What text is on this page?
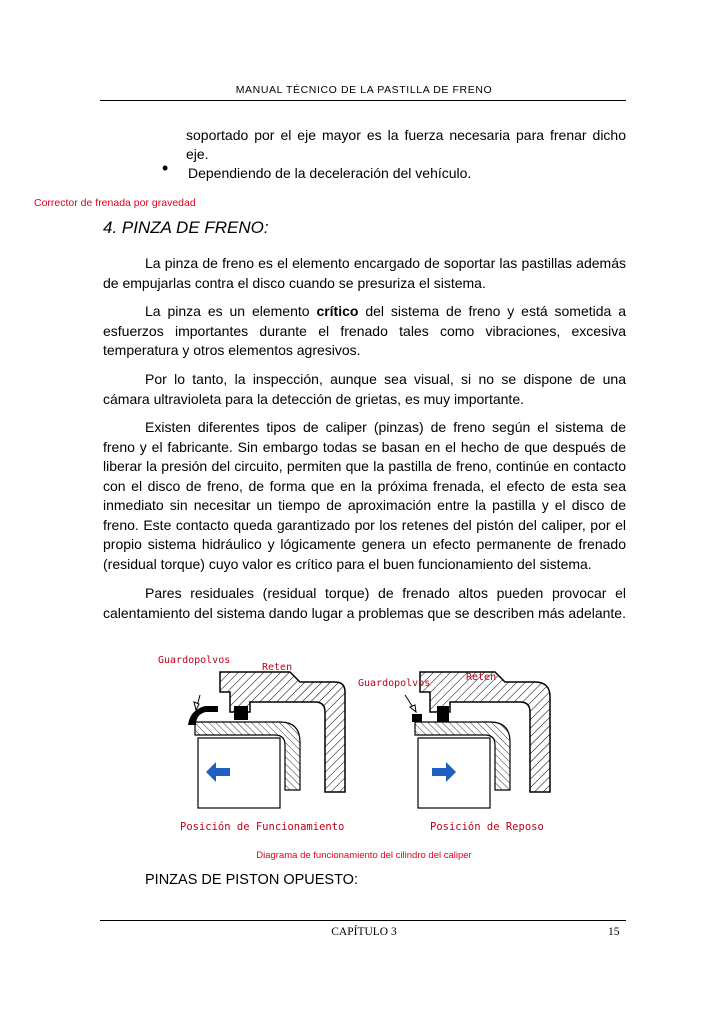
MANUAL TÉCNICO DE LA PASTILLA DE FRENO
soportado por el eje mayor es la fuerza necesaria para frenar dicho
eje.
• Dependiendo de la deceleración del vehículo.
Corrector de frenada por gravedad
4. PINZA DE FRENO:
La pinza de freno es el elemento encargado de soportar las pastillas además de empujarlas contra el disco cuando se presuriza el sistema.
La pinza es un elemento crítico del sistema de freno y está sometida a esfuerzos importantes durante el frenado tales como vibraciones, excesiva temperatura y otros elementos agresivos.
Por lo tanto, la inspección, aunque sea visual, si no se dispone de una cámara ultravioleta para la detección de grietas, es muy importante.
Existen diferentes tipos de caliper (pinzas) de freno según el sistema de freno y el fabricante. Sin embargo todas se basan en el hecho de que después de liberar la presión del circuito, permiten que la pastilla de freno, continúe en contacto con el disco de freno, de forma que en la próxima frenada, el efecto de esta sea inmediato sin necesitar un tiempo de aproximación entre la pastilla y el disco de freno. Este contacto queda garantizado por los retenes del pistón del caliper, por el propio sistema hidráulico y lógicamente genera un efecto permanente de frenado (residual torque) cuyo valor es crítico para el buen funcionamiento del sistema.
Pares residuales (residual torque) de frenado altos pueden provocar el calentamiento del sistema dando lugar a problemas que se describen más adelante.
Guardopolvos
Reten
Guardopolvos
Reten
Posición de Funcionamiento	Posición de Reposo
Diagrama de funcionamiento del cilindro del caliper
PINZAS DE PISTON OPUESTO:
CAPÍTULO 3	15
